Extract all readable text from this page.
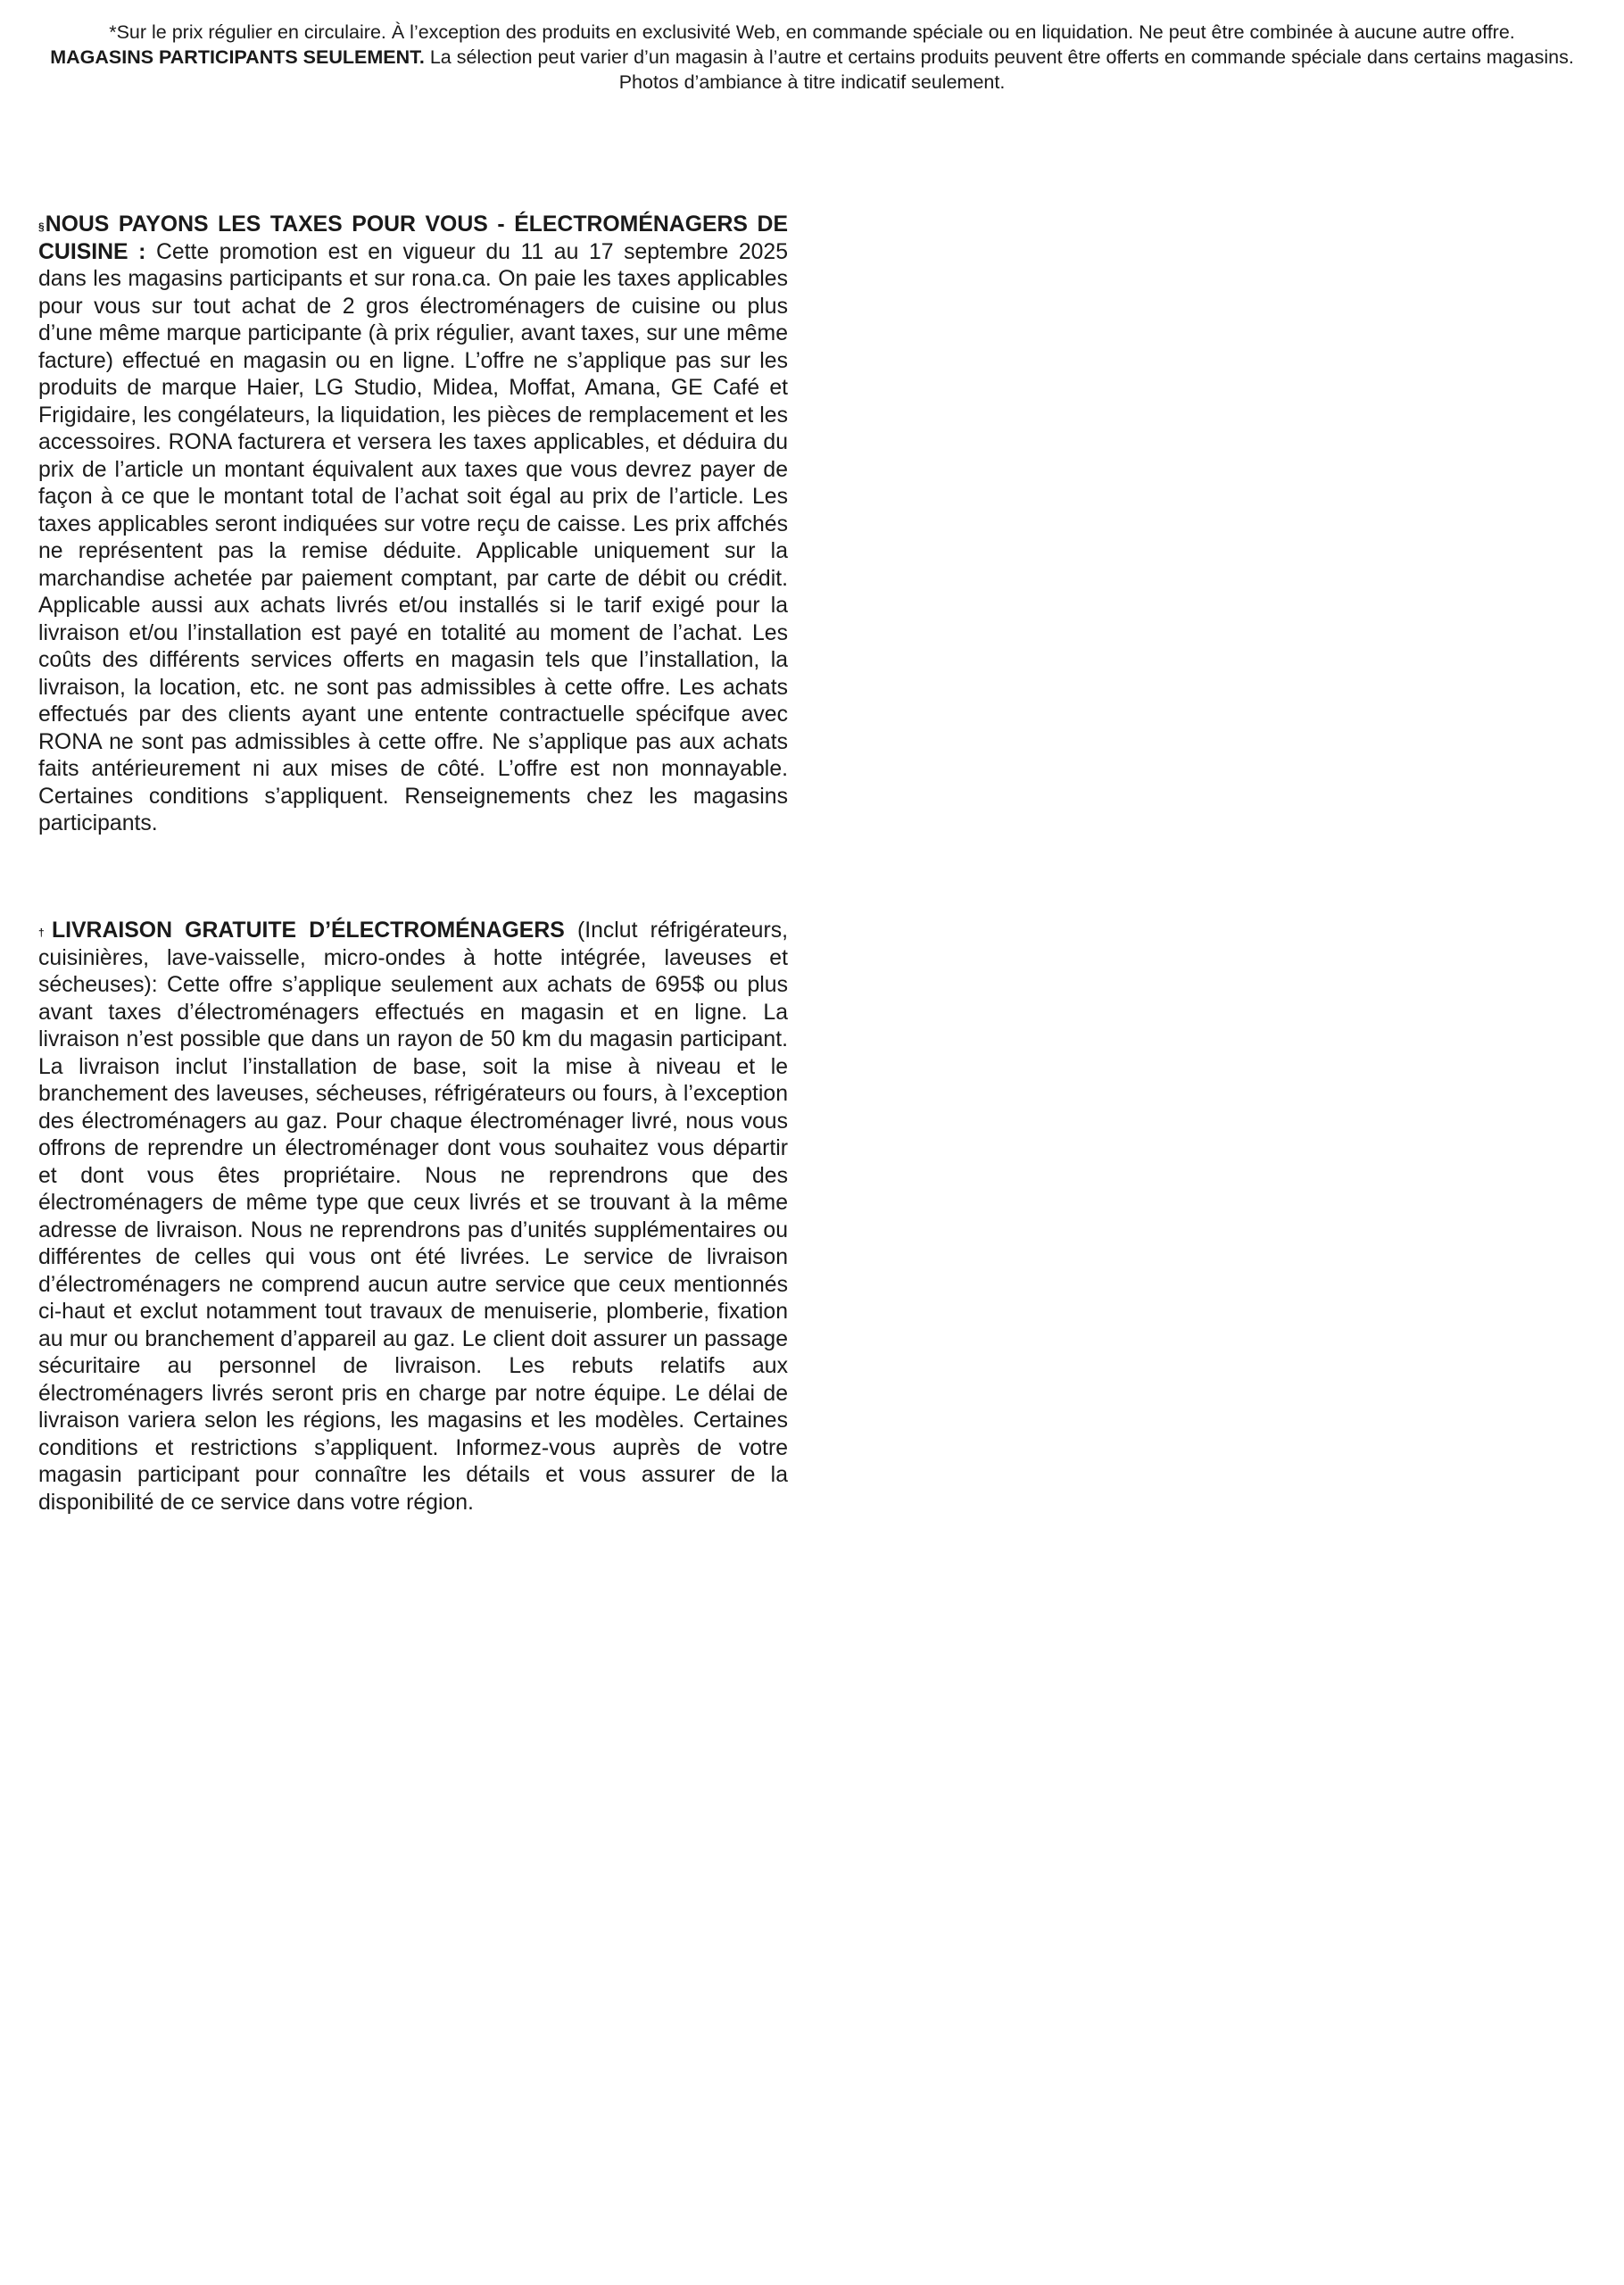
*Sur le prix régulier en circulaire. À l’exception des produits en exclusivité Web, en commande spéciale ou en liquidation. Ne peut être combinée à aucune autre offre.

MAGASINS PARTICIPANTS SEULEMENT. La sélection peut varier d’un magasin à l’autre et certains produits peuvent être offerts en commande spéciale dans certains magasins.

Photos d’ambiance à titre indicatif seulement.

§NOUS PAYONS LES TAXES POUR VOUS - ÉLECTROMÉNAGERS DE CUISINE : Cette promotion est en vigueur du 11 au 17 septembre 2025 dans les magasins participants et sur rona.ca. On paie les taxes applicables pour vous sur tout achat de 2 gros électroménagers de cuisine ou plus d’une même marque participante (à prix régulier, avant taxes, sur une même facture) effectué en magasin ou en ligne. L’offre ne s’applique pas sur les produits de marque Haier, LG Studio, Midea, Moffat, Amana, GE Café et Frigidaire, les congélateurs, la liquidation, les pièces de remplacement et les accessoires. RONA facturera et versera les taxes applicables, et déduira du prix de l’article un montant équivalent aux taxes que vous devrez payer de façon à ce que le montant total de l’achat soit égal au prix de l’article. Les taxes applicables seront indiquées sur votre reçu de caisse. Les prix affchés ne représentent pas la remise déduite. Applicable uniquement sur la marchandise achetée par paiement comptant, par carte de débit ou crédit. Applicable aussi aux achats livrés et/ou installés si le tarif exigé pour la livraison et/ou l’installation est payé en totalité au moment de l’achat. Les coûts des différents services offerts en magasin tels que l’installation, la livraison, la location, etc. ne sont pas admissibles à cette offre. Les achats effectués par des clients ayant une entente contractuelle spécifque avec RONA ne sont pas admissibles à cette offre. Ne s’applique pas aux achats faits antérieurement ni aux mises de côté. L’offre est non monnayable. Certaines conditions s’appliquent. Renseignements chez les magasins participants.

†LIVRAISON GRATUITE D’ÉLECTROMÉNAGERS (Inclut réfrigérateurs, cuisinières, lave-vaisselle, micro-ondes à hotte intégrée, laveuses et sécheuses): Cette offre s’applique seulement aux achats de 695$ ou plus avant taxes d’électroménagers effectués en magasin et en ligne. La livraison n’est possible que dans un rayon de 50 km du magasin participant. La livraison inclut l’installation de base, soit la mise à niveau et le branchement des laveuses, sécheuses, réfrigérateurs ou fours, à l’exception des électroménagers au gaz. Pour chaque électroménager livré, nous vous offrons de reprendre un électroménager dont vous souhaitez vous départir et dont vous êtes propriétaire. Nous ne reprendrons que des électroménagers de même type que ceux livrés et se trouvant à la même adresse de livraison. Nous ne reprendrons pas d’unités supplémentaires ou différentes de celles qui vous ont été livrées. Le service de livraison d’électroménagers ne comprend aucun autre service que ceux mentionnés ci-haut et exclut notamment tout travaux de menuiserie, plomberie, fixation au mur ou branchement d’appareil au gaz. Le client doit assurer un passage sécuritaire au personnel de livraison. Les rebuts relatifs aux électroménagers livrés seront pris en charge par notre équipe. Le délai de livraison variera selon les régions, les magasins et les modèles. Certaines conditions et restrictions s’appliquent. Informez-vous auprès de votre magasin participant pour connaître les détails et vous assurer de la disponibilité de ce service dans votre région.
